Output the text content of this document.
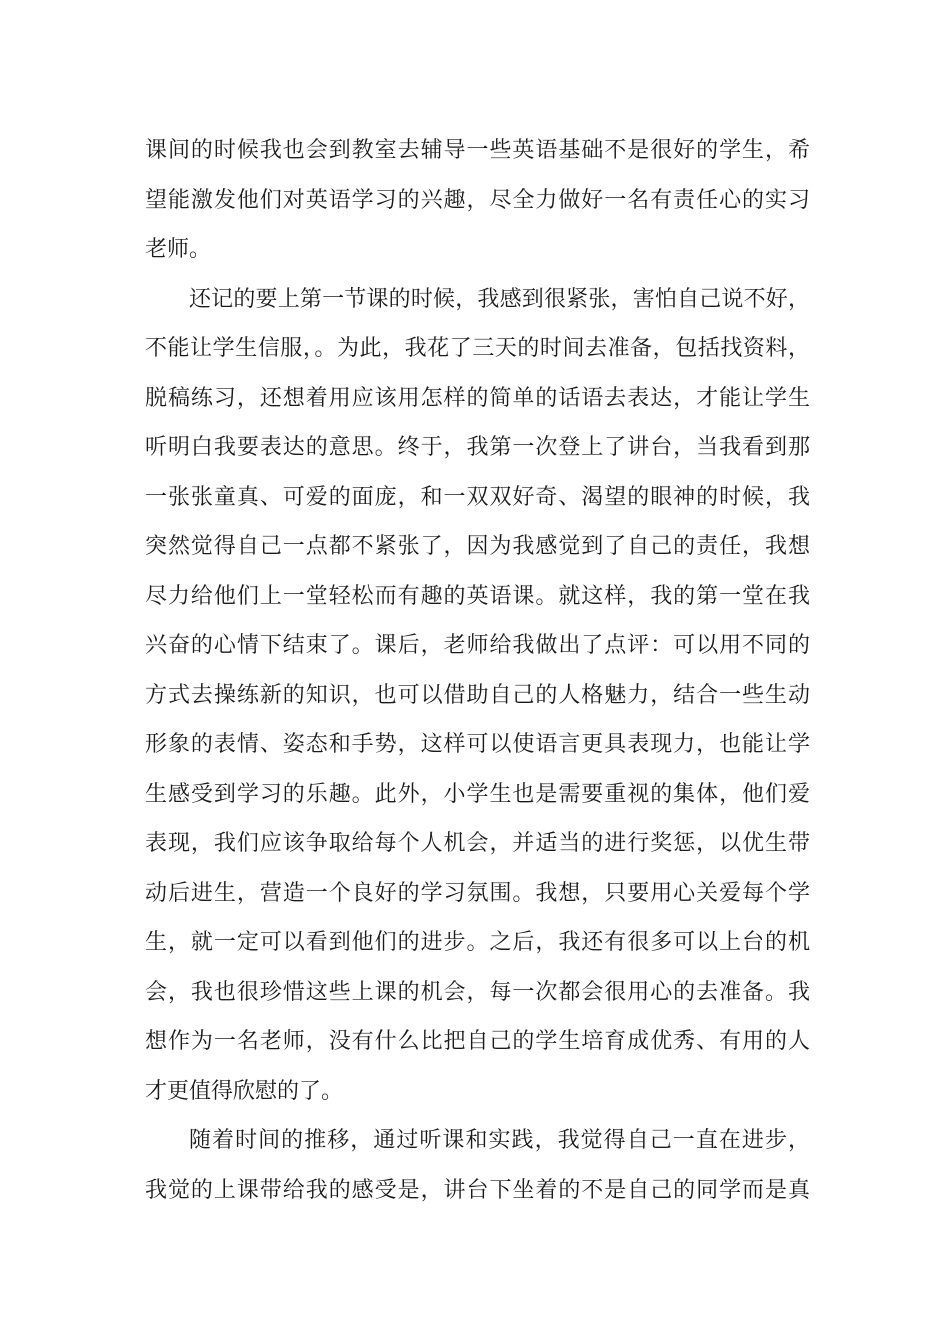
课间的时候我也会到教室去辅导一些英语基础不是很好的学生，希
望能激发他们对英语学习的兴趣，尽全力做好一名有责任心的实习
老师。
还记的要上第一节课的时候，我感到很紧张，害怕自己说不好，
不能让学生信服，。为此，我花了三天的时间去准备，包括找资料，
脱稿练习，还想着用应该用怎样的简单的话语去表达，才能让学生
听明白我要表达的意思。终于，我第一次登上了讲台，当我看到那
一张张童真、可爱的面庞，和一双双好奇、渴望的眼神的时候，我
突然觉得自己一点都不紧张了，因为我感觉到了自己的责任，我想
尽力给他们上一堂轻松而有趣的英语课。就这样，我的第一堂在我
兴奋的心情下结束了。课后，老师给我做出了点评：可以用不同的
方式去操练新的知识，也可以借助自己的人格魅力，结合一些生动
形象的表情、姿态和手势，这样可以使语言更具表现力，也能让学
生感受到学习的乐趣。此外，小学生也是需要重视的集体，他们爱
表现，我们应该争取给每个人机会，并适当的进行奖惩，以优生带
动后进生，营造一个良好的学习氛围。我想，只要用心关爱每个学
生，就一定可以看到他们的进步。之后，我还有很多可以上台的机
会，我也很珍惜这些上课的机会，每一次都会很用心的去准备。我
想作为一名老师，没有什么比把自己的学生培育成优秀、有用的人
才更值得欣慰的了。
随着时间的推移，通过听课和实践，我觉得自己一直在进步，
我觉的上课带给我的感受是，讲台下坐着的不是自己的同学而是真
